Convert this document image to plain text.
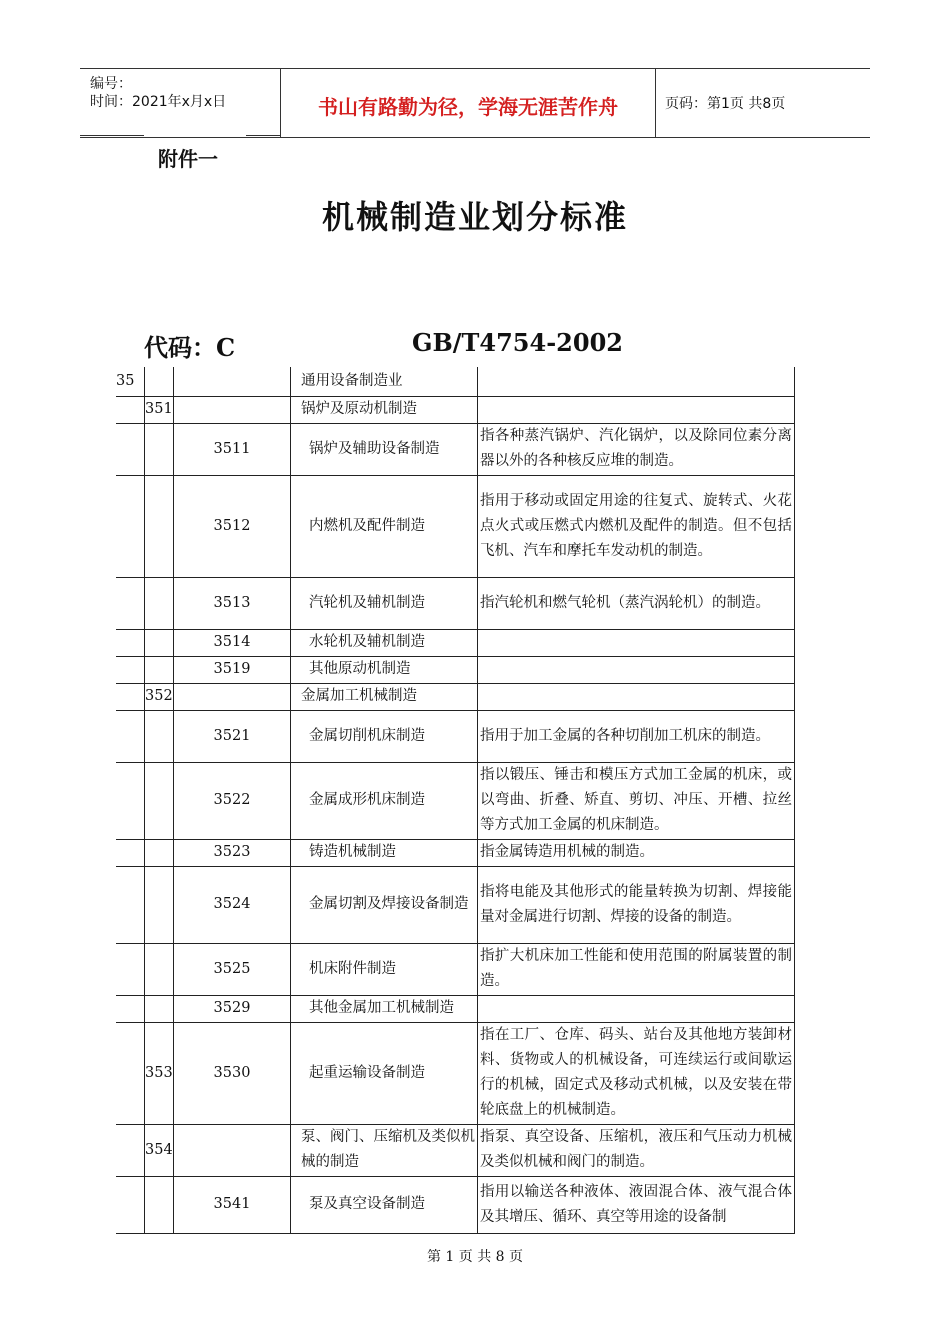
编号：
时间：2021年x月x日	书山有路勤为径，学海无涯苦作舟	页码：第1页 共8页
附件一
机械制造业划分标准
代码：C	GB/T4754-2002
35			通用设备制造业	

	351		锅炉及原动机制造	

		3511	锅炉及辅助设备制造	指各种蒸汽锅炉、汽化锅炉，以及除同位素分离器以外的各种核反应堆的制造。

		3512	内燃机及配件制造	指用于移动或固定用途的往复式、旋转式、火花点火式或压燃式内燃机及配件的制造。但不包括飞机、汽车和摩托车发动机的制造。

		3513	汽轮机及辅机制造	指汽轮机和燃气轮机（蒸汽涡轮机）的制造。

		3514	水轮机及辅机制造	

		3519	其他原动机制造	

	352		金属加工机械制造	

		3521	金属切削机床制造	指用于加工金属的各种切削加工机床的制造。

		3522	金属成形机床制造	指以锻压、锤击和模压方式加工金属的机床，或以弯曲、折叠、矫直、剪切、冲压、开槽、拉丝等方式加工金属的机床制造。

		3523	铸造机械制造	指金属铸造用机械的制造。

		3524	金属切割及焊接设备制造	指将电能及其他形式的能量转换为切割、焊接能量对金属进行切割、焊接的设备的制造。

		3525	机床附件制造	指扩大机床加工性能和使用范围的附属装置的制造。

		3529	其他金属加工机械制造	

	353	3530	起重运输设备制造	指在工厂、仓库、码头、站台及其他地方装卸材料、货物或人的机械设备，可连续运行或间歇运行的机械，固定式及移动式机械，以及安装在带轮底盘上的机械制造。

	354		泵、阀门、压缩机及类似机械的制造	指泵、真空设备、压缩机，液压和气压动力机械及类似机械和阀门的制造。

		3541	泵及真空设备制造	指用以输送各种液体、液固混合体、液气混合体及其增压、循环、真空等用途的设备制
第 1 页 共 8 页
